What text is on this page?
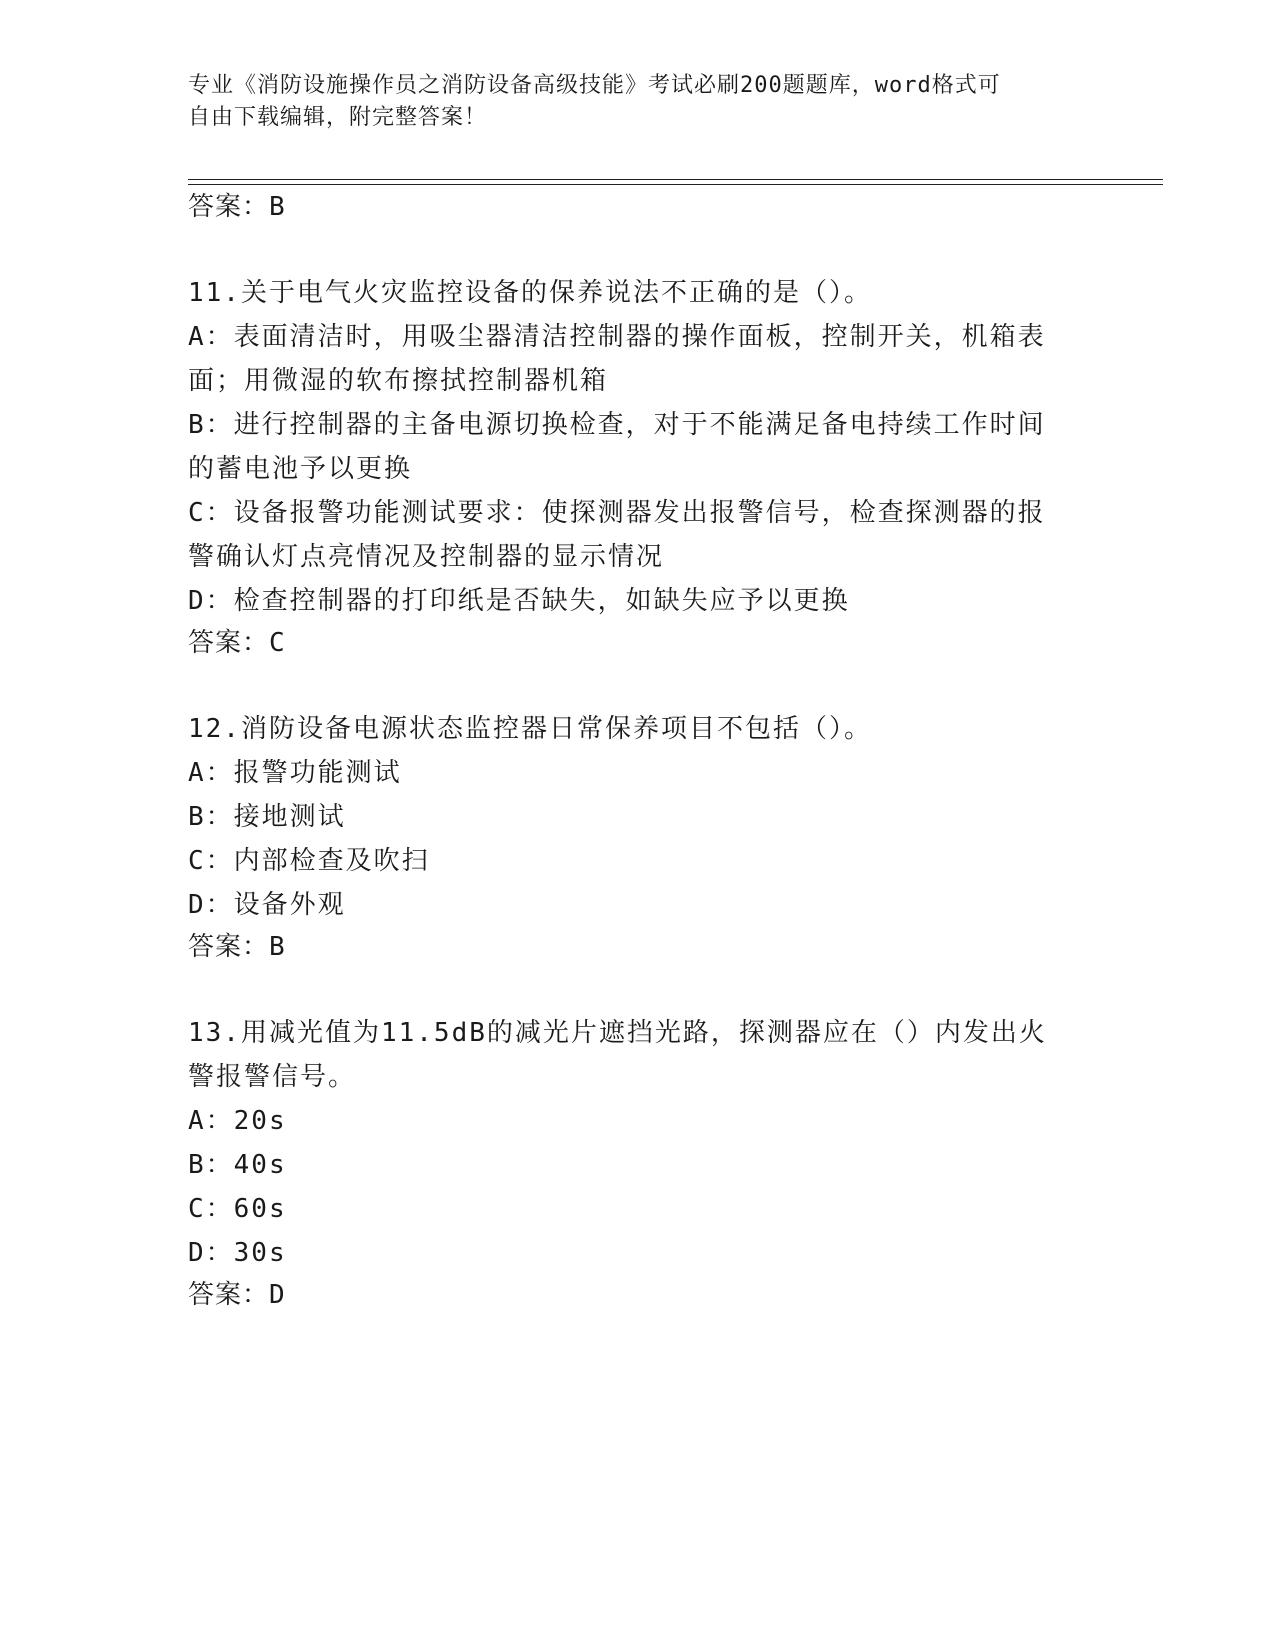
专业《消防设施操作员之消防设备高级技能》考试必刷200题题库，word格式可
自由下载编辑，附完整答案！
答案：B
11.关于电气火灾监控设备的保养说法不正确的是（）。
A：表面清洁时，用吸尘器清洁控制器的操作面板，控制开关，机箱表
面；用微湿的软布擦拭控制器机箱
B：进行控制器的主备电源切换检查，对于不能满足备电持续工作时间
的蓄电池予以更换
C：设备报警功能测试要求：使探测器发出报警信号，检查探测器的报
警确认灯点亮情况及控制器的显示情况
D：检查控制器的打印纸是否缺失，如缺失应予以更换
答案：C
12.消防设备电源状态监控器日常保养项目不包括（）。
A：报警功能测试
B：接地测试
C：内部检查及吹扫
D：设备外观
答案：B
13.用减光值为11.5dB的减光片遮挡光路，探测器应在（）内发出火
警报警信号。
A：20s
B：40s
C：60s
D：30s
答案：D
